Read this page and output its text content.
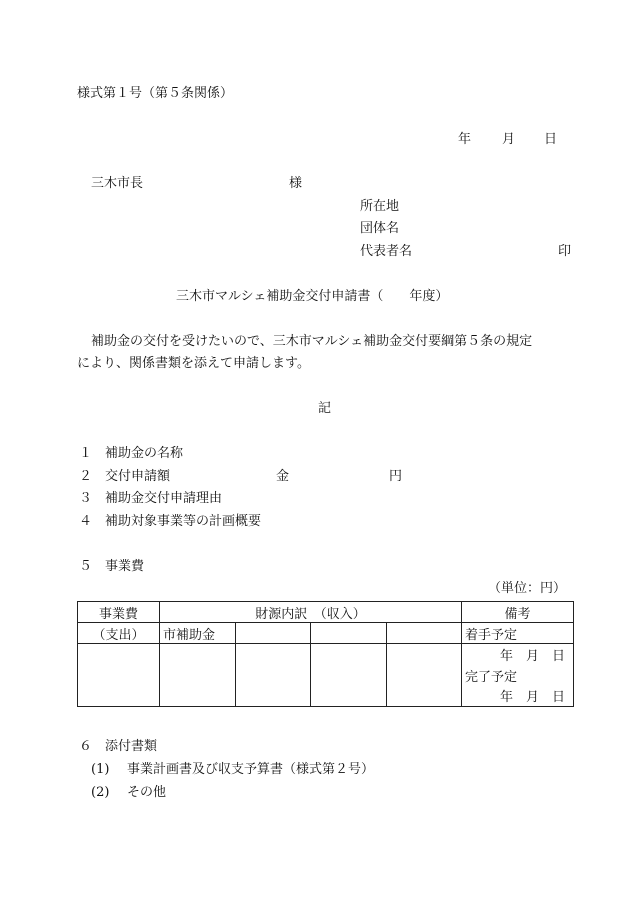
様式第１号（第５条関係）
年 月 日
三木市長	様
所在地
団体名
代表者名	印
三木市マルシェ補助金交付申請書（　　年度）
補助金の交付を受けたいので、三木市マルシェ補助金交付要綱第５条の規定
により、関係書類を添えて申請します。
記
１ 補助金の名称
２ 交付申請額	金	円
３ 補助金交付申請理由
４ 補助対象事業等の計画概要
５ 事業費
（単位：円）
事業費	財源内訳　（収入）				備考
（支出）	市補助金				着手予定
					年　月　日
					完了予定
					年　月　日
６ 添付書類
(1) 事業計画書及び収支予算書（様式第２号）
(2) その他
